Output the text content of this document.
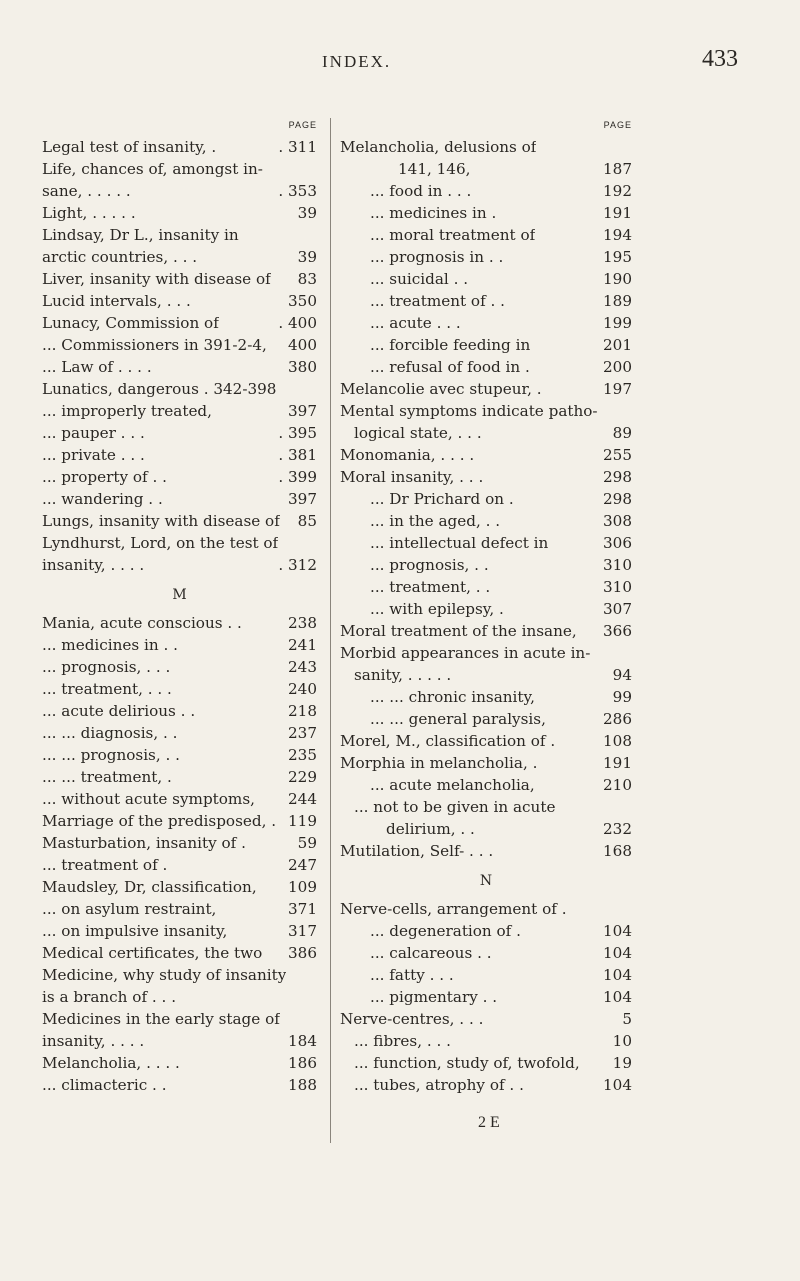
INDEX.	433
PAGE
Legal test of insanity, .	. 311
Life, chances of, amongst in-
sane, . . . . .	. 353
Light, . . . . .	39
Lindsay, Dr L., insanity in
arctic countries, . . .	39
Liver, insanity with disease of 83
Lucid intervals, . . .	350
Lunacy, Commission of	. 400
... Commissioners in 391-2-4, 400
... Law of . . . .	380
Lunatics, dangerous . 342-398
... improperly treated,	397
... pauper . . .	. 395
... private . . .	. 381
... property of . .	. 399
... wandering . .	397
Lungs, insanity with disease of 85
Lyndhurst, Lord, on the test of
insanity, . . . .	. 312
M
Mania, acute conscious . .	238
... medicines in . .	241
... prognosis, . . .	243
... treatment, . . .	240
... acute delirious . .	218
... ... diagnosis, . .	237
... ... prognosis, . .	235
... ... treatment, .	229
... without acute symptoms, 244
Marriage of the predisposed, . 119
Masturbation, insanity of .	59
... treatment of .	247
Maudsley, Dr, classification, 109
... on asylum restraint,	371
... on impulsive insanity,	317
Medical certificates, the two 386
Medicine, why study of insanity
is a branch of . . .
Medicines in the early stage of
insanity, . . . .	184
Melancholia, . . . .	186
... climacteric . .	188
PAGE
Melancholia, delusions of
141, 146,	187
... food in . . .	192
... medicines in .	191
... moral treatment of	194
... prognosis in . .	195
... suicidal . .	190
... treatment of . .	189
... acute . . .	199
... forcible feeding in	201
... refusal of food in .	200
Melancolie avec stupeur, .	197
Mental symptoms indicate patho-
logical state, . . .	89
Monomania, . . . .	255
Moral insanity, . . .	298
... Dr Prichard on .	298
... in the aged, . .	308
... intellectual defect in	306
... prognosis, . .	310
... treatment, . .	310
... with epilepsy, .	307
Moral treatment of the insane, 366
Morbid appearances in acute in-
sanity, . . . . .	94
... ... chronic insanity,	99
... ... general paralysis,	286
Morel, M., classification of .	108
Morphia in melancholia, .	191
... acute melancholia,	210
... not to be given in acute
delirium, . .	232
Mutilation, Self- . . .	168
N
Nerve-cells, arrangement of .
... degeneration of .	104
... calcareous . .	104
... fatty . . .	104
... pigmentary . .	104
Nerve-centres, . . .	5
... fibres, . . .	10
... function, study of, twofold, 19
... tubes, atrophy of . .	104
2 E
